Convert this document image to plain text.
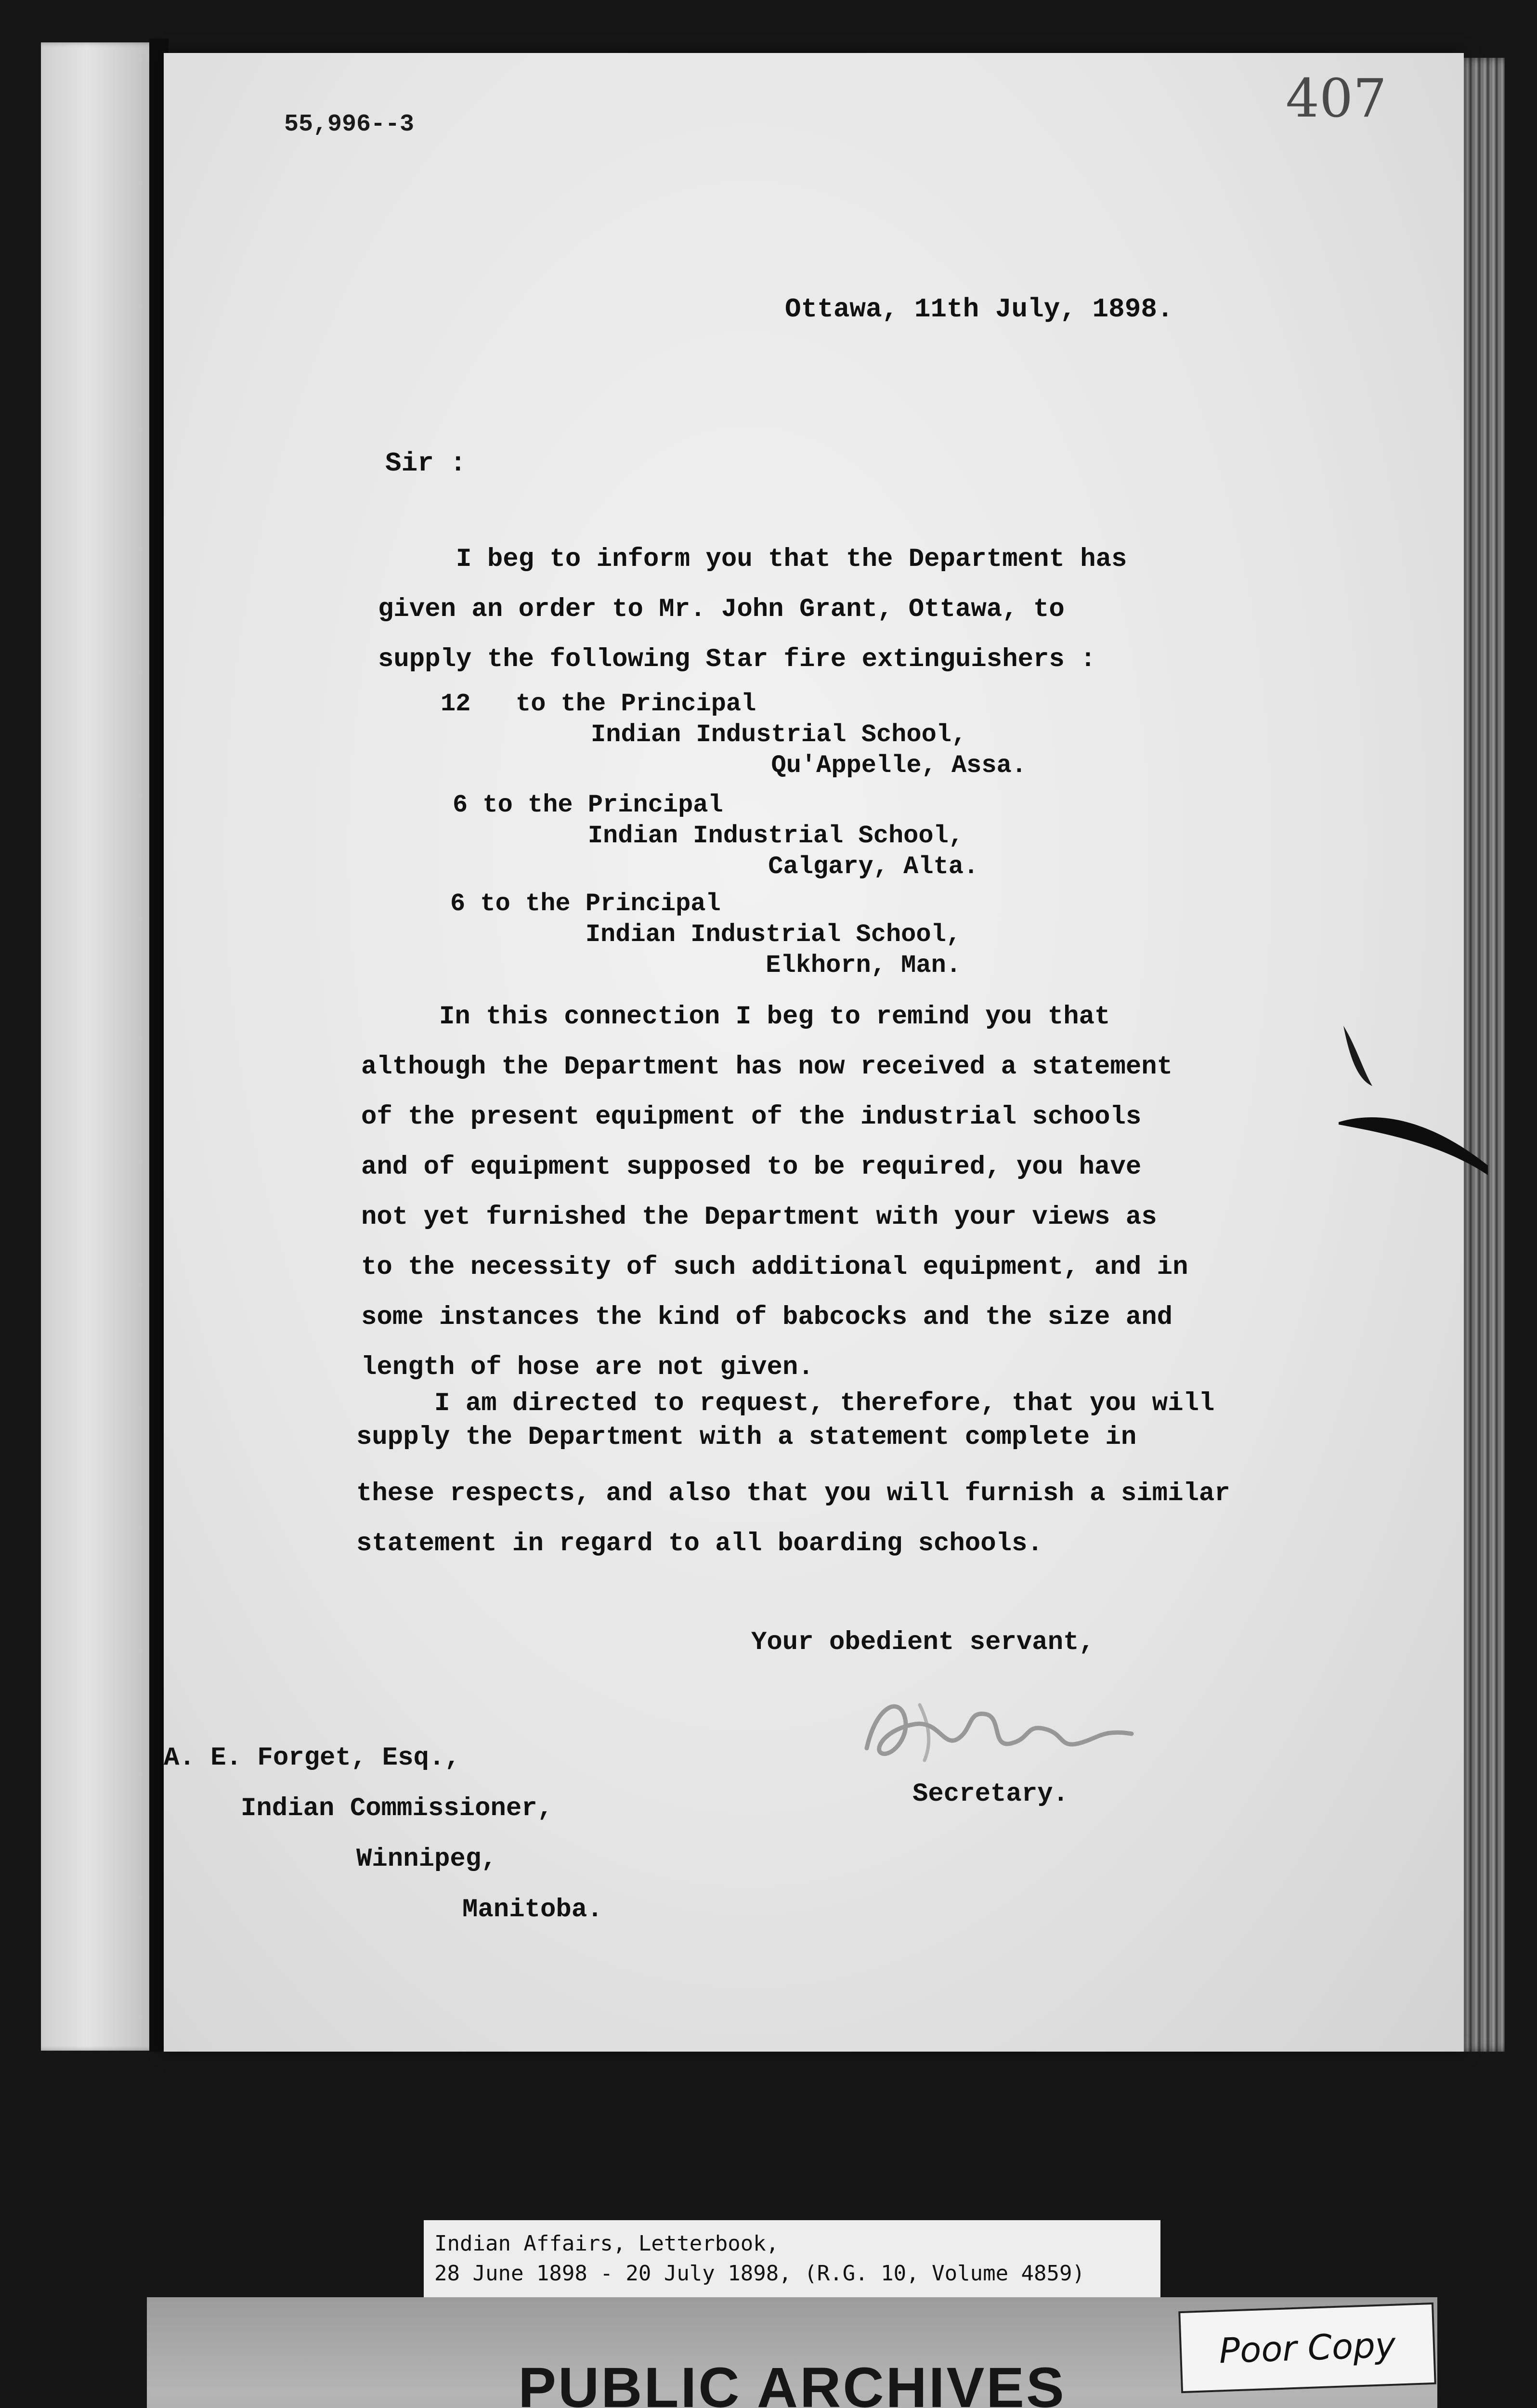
407
55,996--3
Ottawa, 11th July, 1898.
Sir :
I beg to inform you that the Department has
given an order to Mr. John Grant, Ottawa, to
supply the following Star fire extinguishers :
12   to the Principal
Indian Industrial School,
Qu'Appelle, Assa.
6 to the Principal
Indian Industrial School,
Calgary, Alta.
6 to the Principal
Indian Industrial School,
Elkhorn, Man.
In this connection I beg to remind you that
although the Department has now received a statement
of the present equipment of the industrial schools
and of equipment supposed to be required, you have
not yet furnished the Department with your views as
to the necessity of such additional equipment, and in
some instances the kind of babcocks and the size and
length of hose are not given.
I am directed to request, therefore, that you will
supply the Department with a statement complete in
these respects, and also that you will furnish a similar
statement in regard to all boarding schools.
Your obedient servant,
Secretary.
A. E. Forget, Esq.,
Indian Commissioner,
Winnipeg,
Manitoba.
Indian Affairs, Letterbook,
28 June 1898 - 20 July 1898, (R.G. 10, Volume 4859)
PUBLIC ARCHIVES
Poor Copy
